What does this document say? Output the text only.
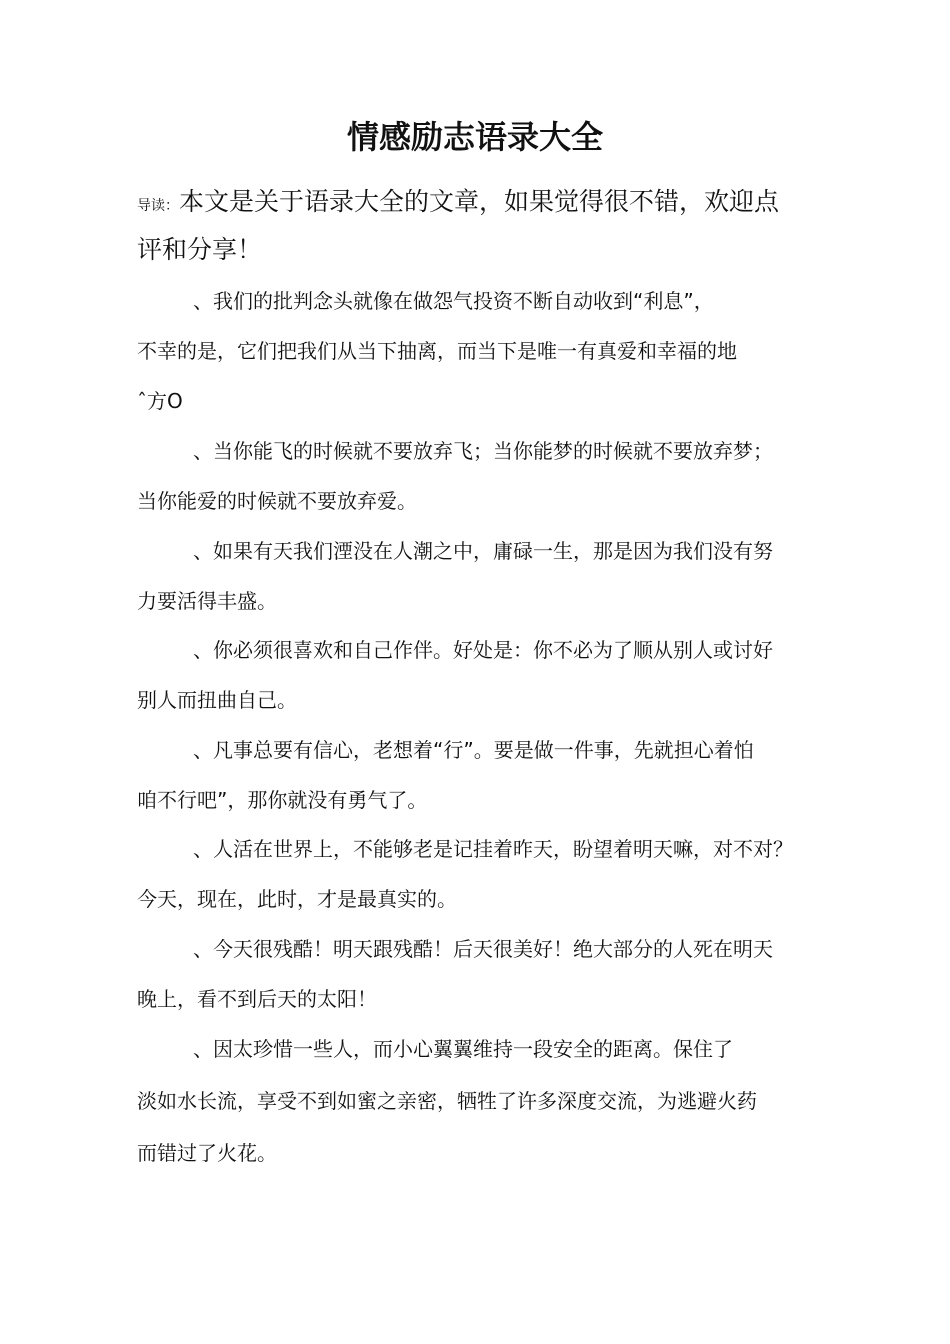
情感励志语录大全
导读：本文是关于语录大全的文章，如果觉得很不错，欢迎点
评和分享！
、我们的批判念头就像在做怨气投资不断自动收到“利息”，
不幸的是，它们把我们从当下抽离，而当下是唯一有真爱和幸福的地
ˆ方O
、当你能飞的时候就不要放弃飞；当你能梦的时候就不要放弃梦；
当你能爱的时候就不要放弃爱。
、如果有天我们湮没在人潮之中，庸碌一生，那是因为我们没有努
力要活得丰盛。
、你必须很喜欢和自己作伴。好处是：你不必为了顺从别人或讨好
别人而扭曲自己。
、凡事总要有信心，老想着“行”。要是做一件事，先就担心着怕
咱不行吧”，那你就没有勇气了。
、人活在世界上，不能够老是记挂着昨天，盼望着明天嘛，对不对？
今天，现在，此时，才是最真实的。
、今天很残酷！明天跟残酷！后天很美好！绝大部分的人死在明天
晚上，看不到后天的太阳！
、因太珍惜一些人，而小心翼翼维持一段安全的距离。保住了
淡如水长流，享受不到如蜜之亲密，牺牲了许多深度交流，为逃避火药
而错过了火花。
